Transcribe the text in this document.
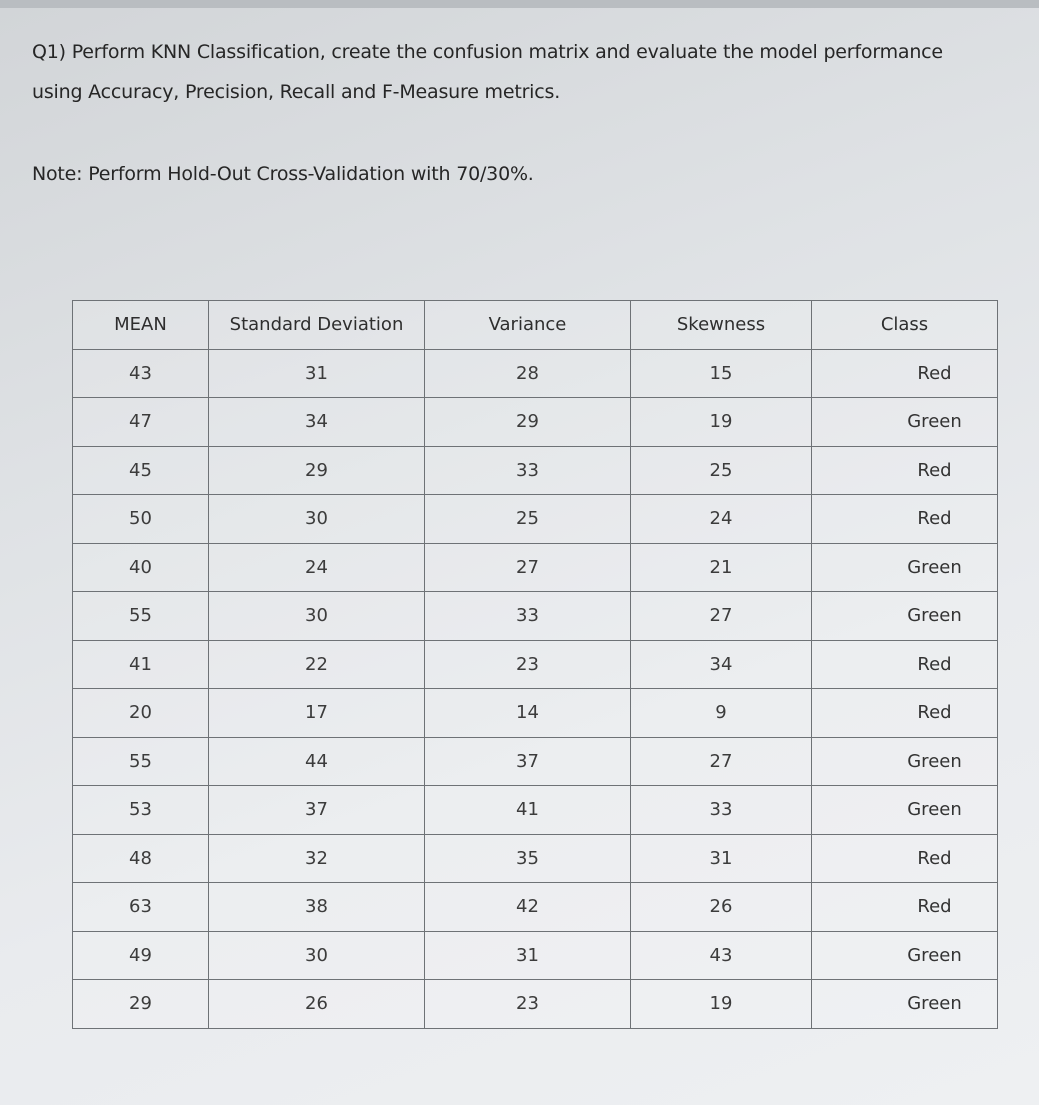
Q1) Perform KNN Classification, create the confusion matrix and evaluate the model performance
using Accuracy, Precision, Recall and F-Measure metrics.
Note: Perform Hold-Out Cross-Validation with 70/30%.
MEAN	Standard Deviation	Variance	Skewness	Class
43	31	28	15	Red
47	34	29	19	Green
45	29	33	25	Red
50	30	25	24	Red
40	24	27	21	Green
55	30	33	27	Green
41	22	23	34	Red
20	17	14	9	Red
55	44	37	27	Green
53	37	41	33	Green
48	32	35	31	Red
63	38	42	26	Red
49	30	31	43	Green
29	26	23	19	Green
